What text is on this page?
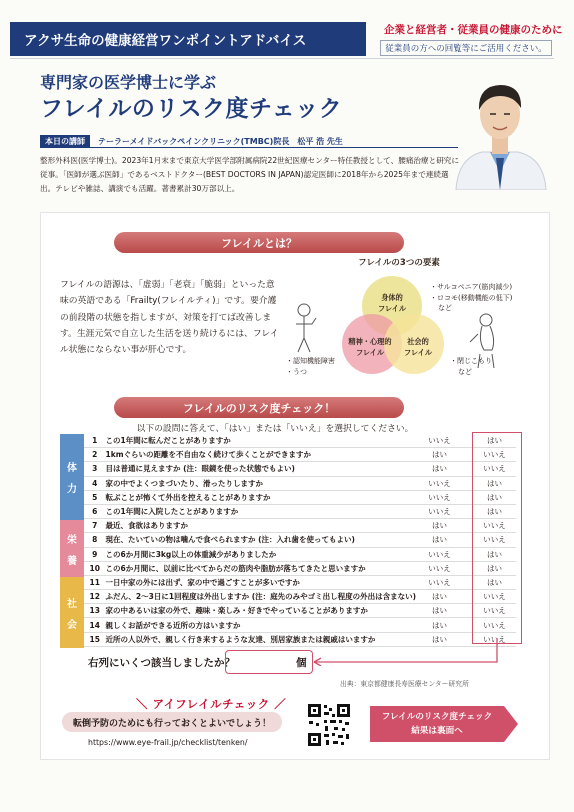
アクサ生命の健康経営ワンポイントアドバイス
企業と経営者・従業員の健康のために
従業員の方への回覧等にご活用ください。
専門家の医学博士に学ぶ
フレイルのリスク度チェック
本日の講師	テーラーメイドバックペインクリニック(TMBC)院長　松平 浩 先生
整形外科医(医学博士)。2023年1月末まで東京大学医学部附属病院22世紀医療センター特任教授として、腰痛治療と研究に従事。「医師が選ぶ医師」であるベストドクター(BEST DOCTORS IN JAPAN)認定医師に2018年から2025年まで連続選出。テレビや雑誌、講演でも活躍。著書累計30万部以上。
フレイルとは？
フレイルの語源は、「虚弱」「老衰」「脆弱」といった意味の英語である「Frailty(フレイルティ)」です。要介護の前段階の状態を指しますが、対策を打てば改善します。生涯元気で自立した生活を送り続けるには、フレイル状態にならない事が肝心です。
フレイルの3つの要素
身体的
フレイル
精神・心理的
フレイル
社会的
フレイル
・サルコペニア(筋肉減少)
・ロコモ(移動機能の低下)
など
・認知機能障害
・うつ
・閉じこもり
など
フレイルのリスク度チェック！
以下の設問に答えて、「はい」または「いいえ」を選択してください。
体
力
栄
養
社
会
1	この1年間に転んだことがありますか	いいえ	はい
2	1kmぐらいの距離を不自由なく続けて歩くことができますか	はい	いいえ
3	目は普通に見えますか (注：眼鏡を使った状態でもよい)	はい	いいえ
4	家の中でよくつまづいたり、滑ったりしますか	いいえ	はい
5	転ぶことが怖くて外出を控えることがありますか	いいえ	はい
6	この1年間に入院したことがありますか	いいえ	はい
7	最近、食欲はありますか	はい	いいえ
8	現在、たいていの物は噛んで食べられますか (注：入れ歯を使ってもよい)	はい	いいえ
9	この6か月間に3kg以上の体重減少がありましたか	いいえ	はい
10 この6か月間に、以前に比べてからだの筋肉や脂肪が落ちてきたと思いますか	いいえ	はい
11 一日中家の外には出ず、家の中で過ごすことが多いですか	いいえ	はい
12 ふだん、2〜3日に1回程度は外出しますか (注：庭先のみやゴミ出し程度の外出は含まない)	はい	いいえ
13 家の中あるいは家の外で、趣味・楽しみ・好きでやっていることがありますか	はい	いいえ
14 親しくお話ができる近所の方はいますか	はい	いいえ
15 近所の人以外で、親しく行き来するような友達、別居家族または親戚はいますか	はい	いいえ
右列にいくつ該当しましたか？	個
出典：東京都健康長寿医療センター研究所
＼ アイフレイルチェック ／
転倒予防のためにも行っておくとよいでしょう！
https://www.eye-frail.jp/checklist/tenken/
フレイルのリスク度チェック
結果は裏面へ
